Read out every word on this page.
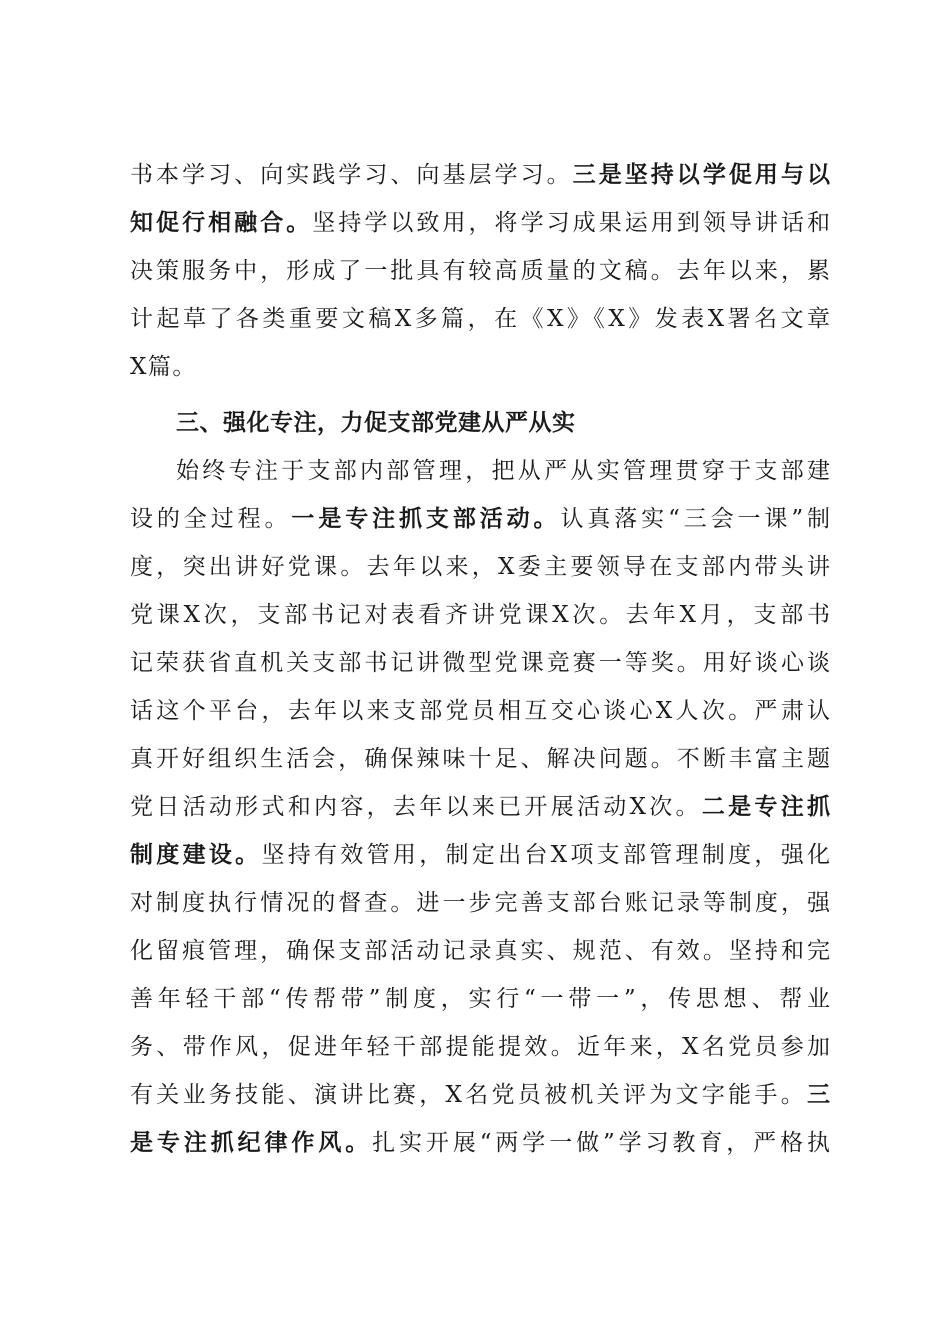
书本学习、向实践学习、向基层学习。三是坚持以学促用与以
知促行相融合。坚持学以致用，将学习成果运用到领导讲话和
决策服务中，形成了一批具有较高质量的文稿。去年以来，累
计起草了各类重要文稿X多篇，在《X》《X》发表X署名文章
X篇。
三、强化专注，力促支部党建从严从实
始终专注于支部内部管理，把从严从实管理贯穿于支部建
设的全过程。一是专注抓支部活动。认真落实“三会一课”制
度，突出讲好党课。去年以来，X委主要领导在支部内带头讲
党课X次，支部书记对表看齐讲党课X次。去年X月，支部书
记荣获省直机关支部书记讲微型党课竞赛一等奖。用好谈心谈
话这个平台，去年以来支部党员相互交心谈心X人次。严肃认
真开好组织生活会，确保辣味十足、解决问题。不断丰富主题
党日活动形式和内容，去年以来已开展活动X次。二是专注抓
制度建设。坚持有效管用，制定出台X项支部管理制度，强化
对制度执行情况的督查。进一步完善支部台账记录等制度，强
化留痕管理，确保支部活动记录真实、规范、有效。坚持和完
善年轻干部“传帮带”制度，实行“一带一”，传思想、帮业
务、带作风，促进年轻干部提能提效。近年来，X名党员参加
有关业务技能、演讲比赛，X名党员被机关评为文字能手。三
是专注抓纪律作风。扎实开展“两学一做”学习教育，严格执
